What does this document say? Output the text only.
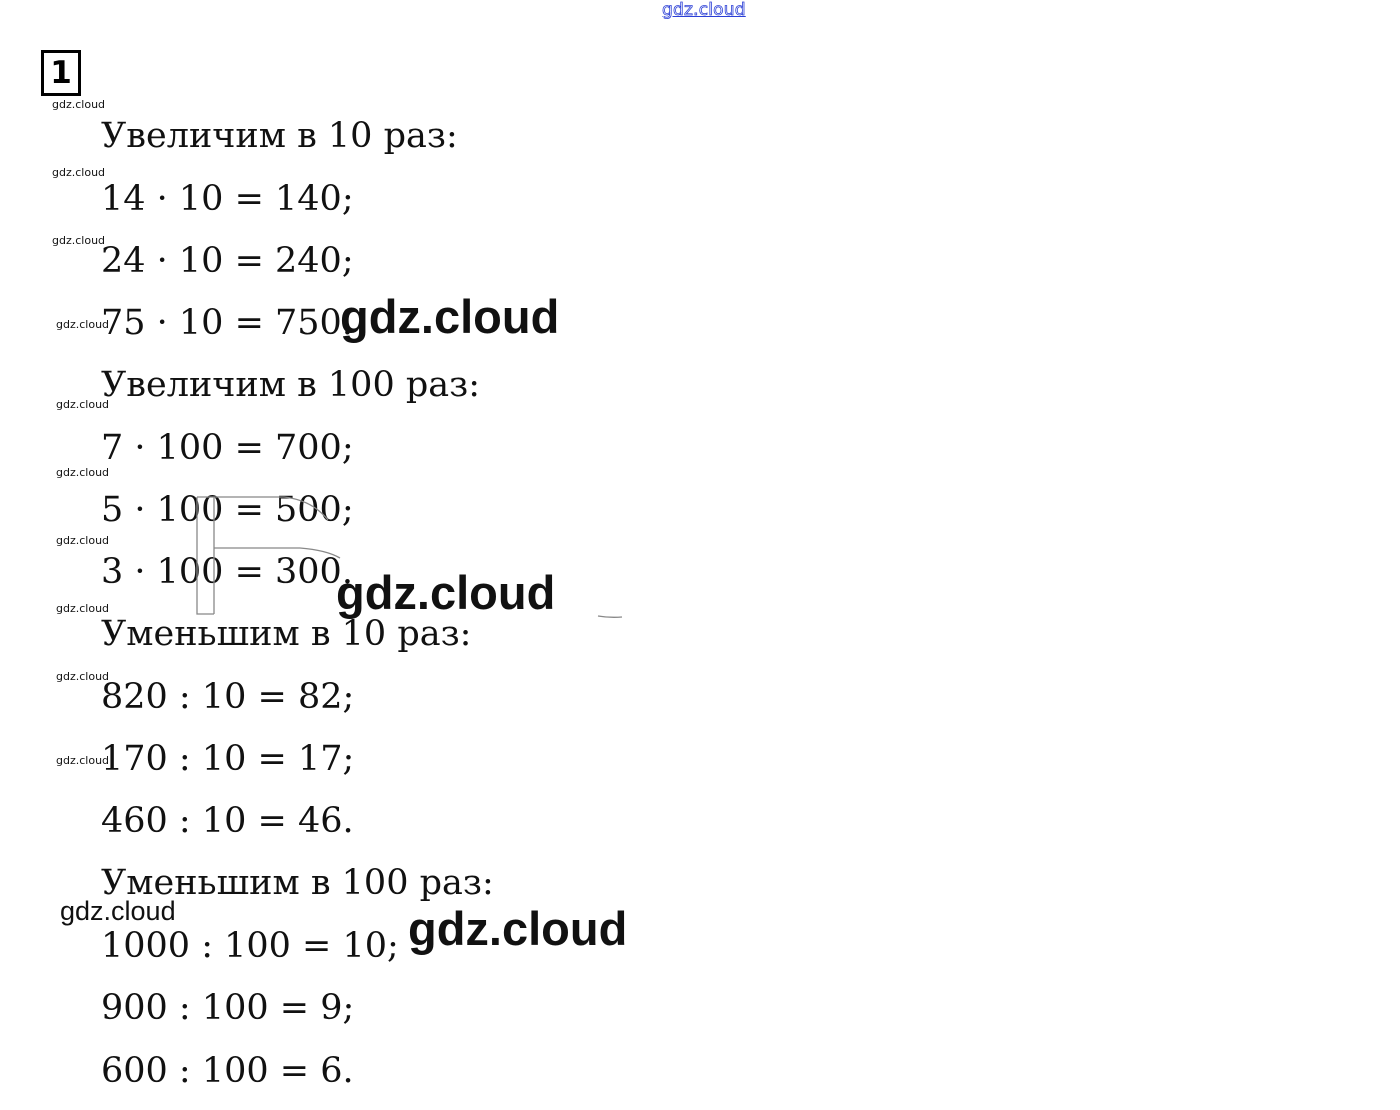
gdz.cloud
1
Увеличим в 10 раз:
14 · 10 = 140;
24 · 10 = 240;
75 · 10 = 750.
Увеличим в 100 раз:
7 · 100 = 700;
5 · 100 = 500;
3 · 100 = 300.
Уменьшим в 10 раз:
820 : 10 = 82;
170 : 10 = 17;
460 : 10 = 46.
Уменьшим в 100 раз:
1000 : 100 = 10;
900 : 100 = 9;
600 : 100 = 6.
gdz.cloud
gdz.cloud
gdz.cloud
gdz.cloud
gdz.cloud
gdz.cloud
gdz.cloud
gdz.cloud
gdz.cloud
gdz.cloud
gdz.cloud
gdz.cloud
gdz.cloud
gdz.cloud
